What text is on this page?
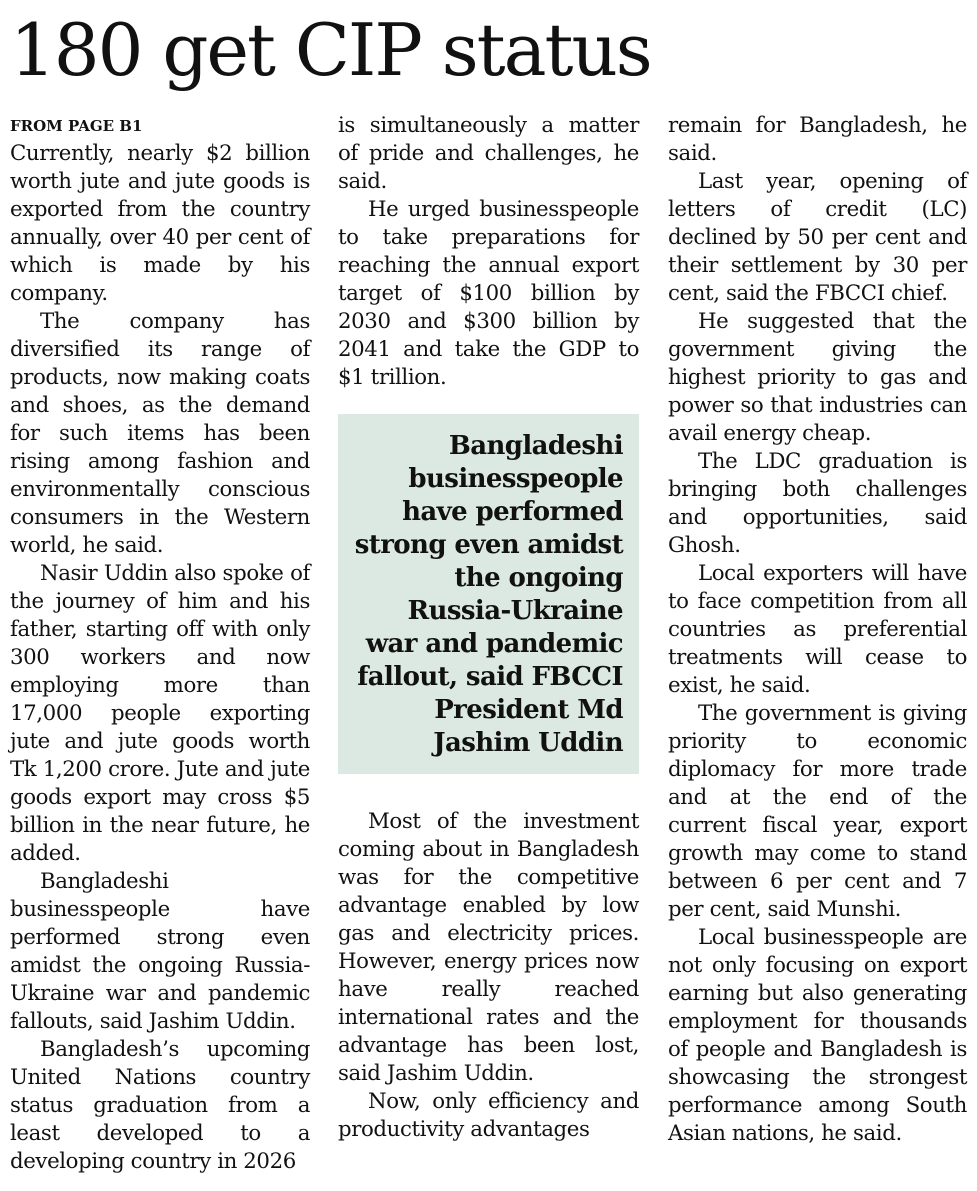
180 get CIP status
FROM PAGE B1

Currently, nearly $2 billion worth jute and jute goods is exported from the country annually, over 40 per cent of which is made by his company.

The company has diversified its range of products, now making coats and shoes, as the demand for such items has been rising among fashion and environmentally conscious consumers in the Western world, he said.

Nasir Uddin also spoke of the journey of him and his father, starting off with only 300 workers and now employing more than 17,000 people exporting jute and jute goods worth Tk 1,200 crore. Jute and jute goods export may cross $5 billion in the near future, he added.

Bangladeshi businesspeople have performed strong even amidst the ongoing Russia-Ukraine war and pandemic fallouts, said Jashim Uddin.

Bangladesh’s upcoming United Nations country status graduation from a least developed to a developing country in 2026

is simultaneously a matter of pride and challenges, he said.

He urged businesspeople to take preparations for reaching the annual export target of $100 billion by 2030 and $300 billion by 2041 and take the GDP to $1 trillion.

Bangladeshi businesspeople have performed strong even amidst the ongoing Russia-Ukraine war and pandemic fallout, said FBCCI President Md Jashim Uddin

Most of the investment coming about in Bangladesh was for the competitive advantage enabled by low gas and electricity prices. However, energy prices now have really reached international rates and the advantage has been lost, said Jashim Uddin.

Now, only efficiency and productivity advantages

remain for Bangladesh, he said.

Last year, opening of letters of credit (LC) declined by 50 per cent and their settlement by 30 per cent, said the FBCCI chief.

He suggested that the government giving the highest priority to gas and power so that industries can avail energy cheap.

The LDC graduation is bringing both challenges and opportunities, said Ghosh.

Local exporters will have to face competition from all countries as preferential treatments will cease to exist, he said.

The government is giving priority to economic diplomacy for more trade and at the end of the current fiscal year, export growth may come to stand between 6 per cent and 7 per cent, said Munshi.

Local businesspeople are not only focusing on export earning but also generating employment for thousands of people and Bangladesh is showcasing the strongest performance among South Asian nations, he said.
